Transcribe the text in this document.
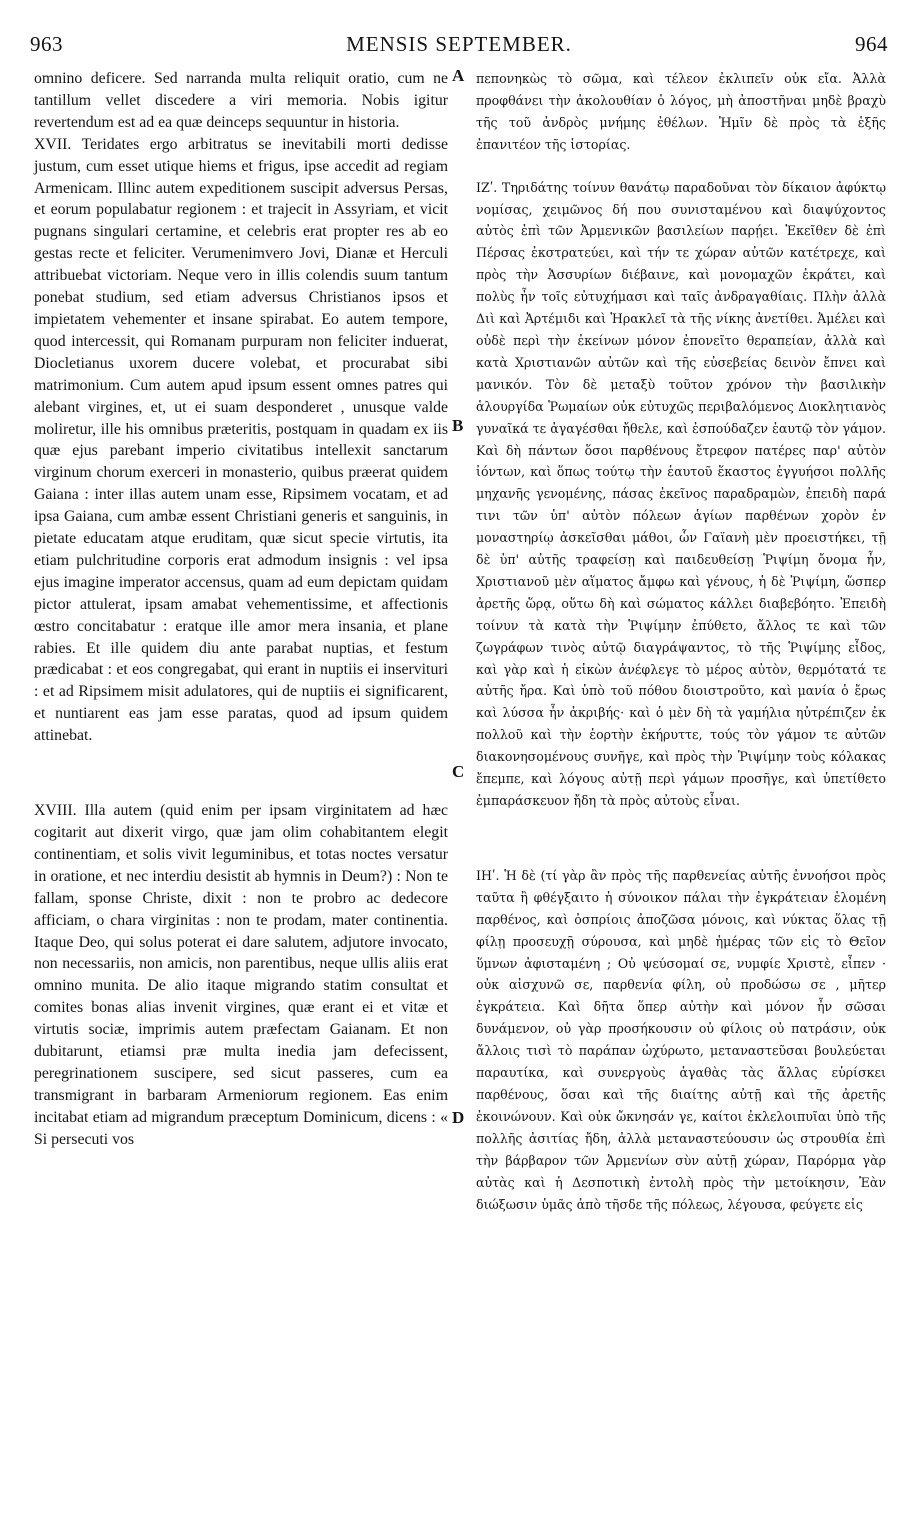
963	MENSIS SEPTEMBER.	964

omnino deficere. Sed narranda multa reliquit oratio, cum ne tantillum vellet discedere a viri memoria. Nobis igitur revertendum est ad ea quæ deinceps sequuntur in historia.

XVII. Teridates ergo arbitratus se inevitabili morti dedisse justum, cum esset utique hiems et frigus, ipse accedit ad regiam Armenicam. Illinc autem expeditionem suscipit adversus Persas, et eorum populabatur regionem : et trajecit in Assyriam, et vicit pugnans singulari certamine, et celebris erat propter res ab eo gestas recte et feliciter. Verumenimvero Jovi, Dianæ et Herculi attribuebat victoriam. Neque vero in illis colendis suum tantum ponebat studium, sed etiam adversus Christianos ipsos et impietatem vehementer et insane spirabat. Eo autem tempore, quod intercessit, qui Romanam purpuram non feliciter induerat, Diocletianus uxorem ducere volebat, et procurabat sibi matrimonium. Cum autem apud ipsum essent omnes patres qui alebant virgines, et, ut ei suam desponderet , unusque valde moliretur, ille his omnibus præteritis, postquam in quadam ex iis quæ ejus parebant imperio civitatibus intellexit sanctarum virginum chorum exerceri in monasterio, quibus præerat quidem Gaiana : inter illas autem unam esse, Ripsimem vocatam, et ad ipsa Gaiana, cum ambæ essent Christiani generis et sanguinis, in pietate educatam atque eruditam, quæ sicut specie virtutis, ita etiam pulchritudine corporis erat admodum insignis : vel ipsa ejus imagine imperator accensus, quam ad eum depictam quidam pictor attulerat, ipsam amabat vehementissime, et affectionis œstro concitabatur : eratque ille amor mera insania, et plane rabies. Et ille quidem diu ante parabat nuptias, et festum prædicabat : et eos congregabat, qui erant in nuptiis ei inservituri : et ad Ripsimem misit adulatores, qui de nuptiis ei significarent, et nuntiarent eas jam esse paratas, quod ad ipsum quidem attinebat.

XVIII. Illa autem (quid enim per ipsam virginitatem ad hæc cogitarit aut dixerit virgo, quæ jam olim cohabitantem elegit continentiam, et solis vivit leguminibus, et totas noctes versatur in oratione, et nec interdiu desistit ab hymnis in Deum?) : Non te fallam, sponse Christe, dixit : non te probro ac dedecore afficiam, o chara virginitas : non te prodam, mater continentia. Itaque Deo, qui solus poterat ei dare salutem, adjutore invocato, non necessariis, non amicis, non parentibus, neque ullis aliis erat omnino munita. De alio itaque migrando statim consultat et comites bonas alias invenit virgines, quæ erant ei et vitæ et virtutis sociæ, imprimis autem præfectam Gaianam. Et non dubitarunt, etiamsi præ multa inedia jam defecissent, peregrinationem suscipere, sed sicut passeres, cum ea transmigrant in barbaram Armeniorum regionem. Eas enim incitabat etiam ad migrandum præceptum Dominicum, dicens : « Si persecuti vos

πεπονηκὼς τὸ σῶμα, καὶ τέλεον ἐκλιπεῖν οὐκ εἴα. Ἀλλὰ προφθάνει τὴν ἀκολουθίαν ὁ λόγος, μὴ ἀποστῆναι μηδὲ βραχὺ τῆς τοῦ ἀνδρὸς μνήμης ἐθέλων. Ἡμῖν δὲ πρὸς τὰ ἑξῆς ἐπανιτέον τῆς ἱστορίας.

ΙΖʹ. Τηριδάτης τοίνυν θανάτῳ παραδοῦναι τὸν δίκαιον ἀφύκτῳ νομίσας, χειμῶνος δή που συνισταμένου καὶ διαψύχοντος αὐτὸς ἐπὶ τῶν Ἀρμενικῶν βασιλείων παρῄει. Ἐκεῖθεν δὲ ἐπὶ Πέρσας ἐκστρατεύει, καὶ τήν τε χώραν αὐτῶν κατέτρεχε, καὶ πρὸς τὴν Ἀσσυρίων διέβαινε, καὶ μονομαχῶν ἐκράτει, καὶ πολὺς ἦν τοῖς εὐτυχήμασι καὶ ταῖς ἀνδραγαθίαις. Πλὴν ἀλλὰ Διὶ καὶ Ἀρτέμιδι καὶ Ἡρακλεῖ τὰ τῆς νίκης ἀνετίθει. Ἀμέλει καὶ οὐδὲ περὶ τὴν ἐκείνων μόνον ἐπονεῖτο θεραπείαν, ἀλλὰ καὶ κατὰ Χριστιανῶν αὐτῶν καὶ τῆς εὐσεβείας δεινὸν ἔπνει καὶ μανικόν. Τὸν δὲ μεταξὺ τοῦτον χρόνον τὴν βασιλικὴν ἁλουργίδα Ῥωμαίων οὐκ εὐτυχῶς περιβαλόμενος Διοκλητιανὸς γυναῖκά τε ἀγαγέσθαι ἤθελε, καὶ ἐσπούδαζεν ἑαυτῷ τὸν γάμον. Καὶ δὴ πάντων ὅσοι παρθένους ἔτρεφον πατέρες παρ' αὐτὸν ἰόντων, καὶ ὅπως τούτῳ τὴν ἑαυτοῦ ἕκαστος ἐγγυήσοι πολλῆς μηχανῆς γενομένης, πάσας ἐκεῖνος παραδραμὼν, ἐπειδὴ παρά τινι τῶν ὑπ' αὐτὸν πόλεων ἁγίων παρθένων χορὸν ἐν μοναστηρίῳ ἀσκεῖσθαι μάθοι, ὧν Γαϊανὴ μὲν προειστήκει, τῇ δὲ ὑπ' αὐτῆς τραφείσῃ καὶ παιδευθείσῃ Ῥιψίμη ὄνομα ἦν, Χριστιανοῦ μὲν αἵματος ἄμφω καὶ γένους, ἡ δὲ Ῥιψίμη, ὥσπερ ἀρετῆς ὥρᾳ, οὕτω δὴ καὶ σώματος κάλλει διαβεβόητο. Ἐπειδὴ τοίνυν τὰ κατὰ τὴν Ῥιψίμην ἐπύθετο, ἄλλος τε καὶ τῶν ζωγράφων τινὸς αὐτῷ διαγράψαντος, τὸ τῆς Ῥιψίμης εἶδος, καὶ γὰρ καὶ ἡ εἰκὼν ἀνέφλεγε τὸ μέρος αὐτὸν, θερμότατά τε αὐτῆς ἤρα. Καὶ ὑπὸ τοῦ πόθου διοιστροῦτο, καὶ μανία ὁ ἔρως καὶ λύσσα ἦν ἀκριβής· καὶ ὁ μὲν δὴ τὰ γαμήλια ηὐτρέπιζεν ἐκ πολλοῦ καὶ τὴν ἑορτὴν ἐκήρυττε, τούς τὸν γάμον τε αὐτῶν διακονησομένους συνῆγε, καὶ πρὸς τὴν Ῥιψίμην τοὺς κόλακας ἔπεμπε, καὶ λόγους αὐτῇ περὶ γάμων προσῆγε, καὶ ὑπετίθετο ἐμπαράσκευον ἤδη τὰ πρὸς αὐτοὺς εἶναι.

ΙΗʹ. Ἡ δὲ (τί γὰρ ἂν πρὸς τῆς παρθενείας αὐτῆς ἐννοήσοι πρὸς ταῦτα ἢ φθέγξαιτο ἡ σύνοικον πάλαι τὴν ἐγκράτειαν ἑλομένη παρθένος, καὶ ὀσπρίοις ἀποζῶσα μόνοις, καὶ νύκτας ὅλας τῇ φίλῃ προσευχῇ σύρουσα, καὶ μηδὲ ἡμέρας τῶν εἰς τὸ Θεῖον ὕμνων ἀφισταμένη ; Οὐ ψεύσομαί σε, νυμφίε Χριστὲ, εἶπεν · οὐκ αἰσχυνῶ σε, παρθενία φίλη, οὐ προδώσω σε , μῆτερ ἐγκράτεια. Καὶ δῆτα ὅπερ αὐτὴν καὶ μόνον ἦν σῶσαι δυνάμενον, οὐ γὰρ προσήκουσιν οὐ φίλοις οὐ πατράσιν, οὐκ ἄλλοις τισὶ τὸ παράπαν ὠχύρωτο, μεταναστεῦσαι βουλεύεται παραυτίκα, καὶ συνεργοὺς ἀγαθὰς τὰς ἄλλας εὑρίσκει παρθένους, ὅσαι καὶ τῆς διαίτης αὐτῇ καὶ τῆς ἀρετῆς ἐκοινώνουν. Καὶ οὐκ ὤκνησάν γε, καίτοι ἐκλελοιπυῖαι ὑπὸ τῆς πολλῆς ἀσιτίας ἤδη, ἀλλὰ μεταναστεύουσιν ὡς στρουθία ἐπὶ τὴν βάρβαρον τῶν Ἀρμενίων σὺν αὐτῇ χώραν, Παρόρμα γὰρ αὐτὰς καὶ ἡ Δεσποτικὴ ἐντολὴ πρὸς τὴν μετοίκησιν, Ἐὰν διώξωσιν ὑμᾶς ἀπὸ τῆσδε τῆς πόλεως, λέγουσα, φεύγετε εἰς

A
B
C
D
